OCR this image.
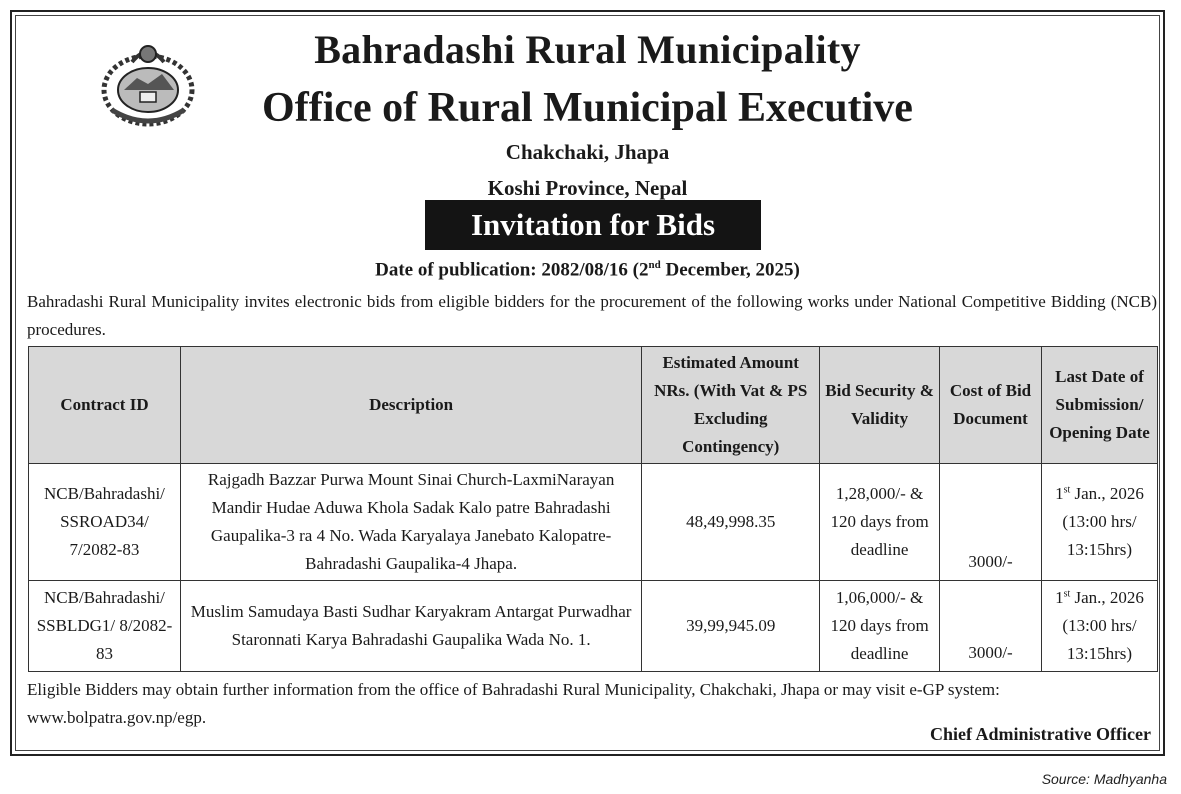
Bahradashi Rural Municipality
Office of Rural Municipal Executive
Chakchaki, Jhapa
Koshi Province, Nepal
Invitation for Bids
Date of publication: 2082/08/16 (2nd December, 2025)
Bahradashi Rural Municipality invites electronic bids from eligible bidders for the procurement of the following works under National Competitive Bidding (NCB) procedures.
Contract ID	Description	Estimated Amount NRs. (With Vat & PS Excluding Contingency)	Bid Security & Validity	Cost of Bid Document	Last Date of Submission/ Opening Date
NCB/Bahradashi/ SSROAD34/ 7/2082-83	Rajgadh Bazzar Purwa Mount Sinai Church-LaxmiNarayan Mandir Hudae Aduwa Khola Sadak Kalo patre Bahradashi Gaupalika-3 ra 4 No. Wada Karyalaya Janebato Kalopatre-Bahradashi Gaupalika-4 Jhapa.	48,49,998.35	1,28,000/- & 120 days from deadline	3000/-	1st Jan., 2026 (13:00 hrs/ 13:15hrs)
NCB/Bahradashi/ SSBLDG1/ 8/2082-83	Muslim Samudaya Basti Sudhar Karyakram Antargat Purwadhar Staronnati Karya Bahradashi Gaupalika Wada No. 1.	39,99,945.09	1,06,000/- & 120 days from deadline	3000/-	1st Jan., 2026 (13:00 hrs/ 13:15hrs)
Eligible Bidders may obtain further information from the office of Bahradashi Rural Municipality, Chakchaki, Jhapa or may visit e-GP system: www.bolpatra.gov.np/egp.
Chief Administrative Officer
Source: Madhyanha
